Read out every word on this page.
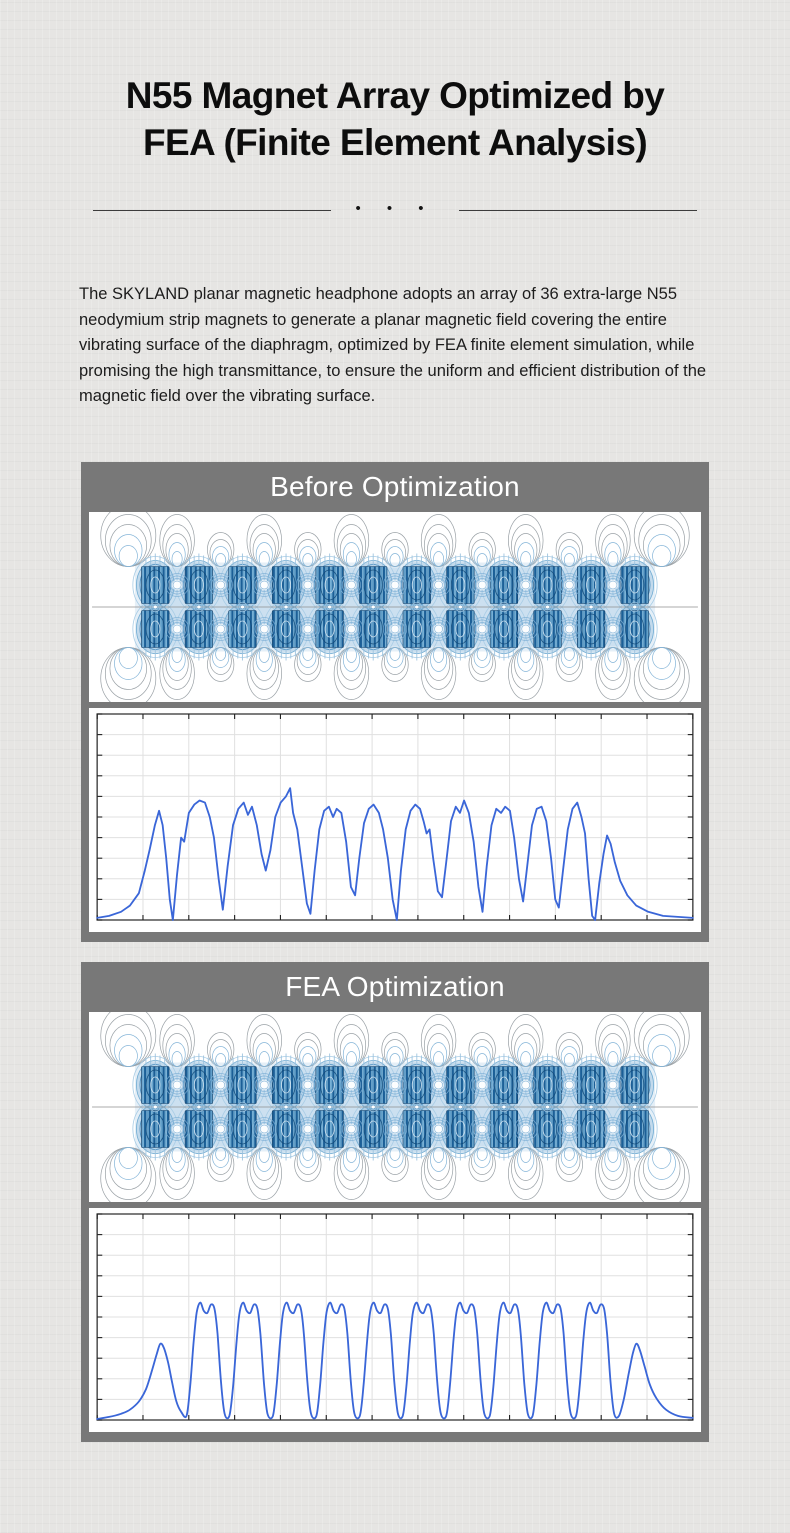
N55 Magnet Array Optimized by
FEA (Finite Element Analysis)
• • •

The SKYLAND planar magnetic headphone adopts an array of 36 extra-large N55 neodymium strip magnets to generate a planar magnetic field covering the entire vibrating surface of the diaphragm, optimized by FEA finite element simulation, while promising the high transmittance, to ensure the uniform and efficient distribution of the magnetic field over the vibrating surface.

Before Optimization
FEA Optimization
